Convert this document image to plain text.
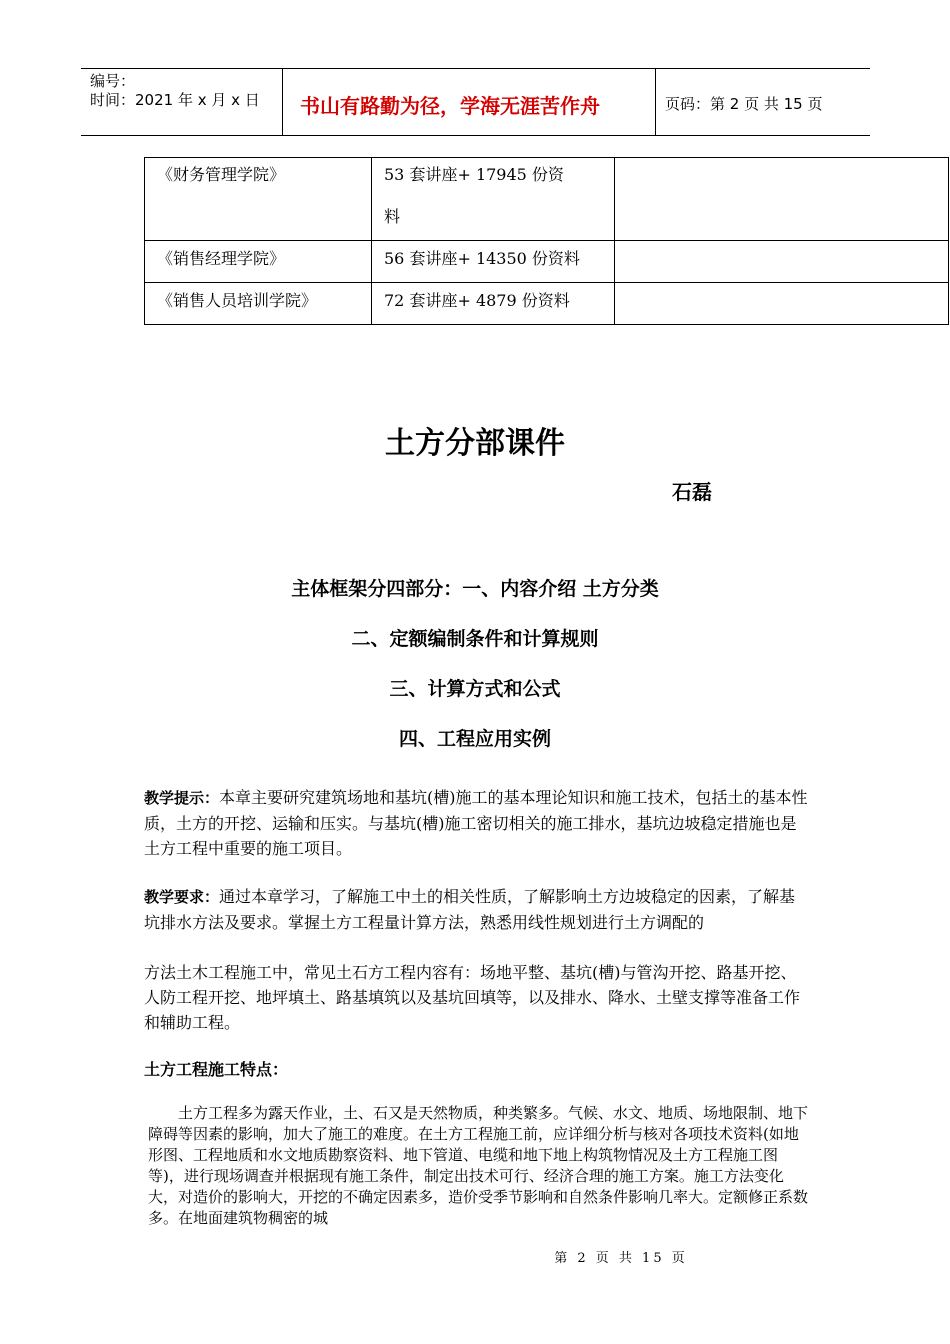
编号：
时间：2021 年 x 月 x 日 书山有路勤为径，学海无涯苦作舟	页码：第 2 页 共 15 页
《财务管理学院》	53 套讲座+ 17945 份资
料	

《销售经理学院》	56 套讲座+ 14350 份资料	
《销售人员培训学院》	72 套讲座+ 4879 份资料	
土方分部课件
石磊
主体框架分四部分：一、内容介绍 土方分类
二、定额编制条件和计算规则
三、计算方式和公式
四、工程应用实例
教学提示：本章主要研究建筑场地和基坑(槽)施工的基本理论知识和施工技术，包括土的基本性质，土方的开挖、运输和压实。与基坑(槽)施工密切相关的施工排水，基坑边坡稳定措施也是土方工程中重要的施工项目。
教学要求：通过本章学习，了解施工中土的相关性质，了解影响土方边坡稳定的因素，了解基坑排水方法及要求。掌握土方工程量计算方法，熟悉用线性规划进行土方调配的
方法土木工程施工中，常见土石方工程内容有：场地平整、基坑(槽)与管沟开挖、路基开挖、人防工程开挖、地坪填土、路基填筑以及基坑回填等，以及排水、降水、土壁支撑等准备工作和辅助工程。
土方工程施工特点：
土方工程多为露天作业，土、石又是天然物质，种类繁多。气候、水文、地质、场地限制、地下障碍等因素的影响，加大了施工的难度。在土方工程施工前，应详细分析与核对各项技术资料(如地形图、工程地质和水文地质勘察资料、地下管道、电缆和地下地上构筑物情况及土方工程施工图等)，进行现场调查并根据现有施工条件，制定出技术可行、经济合理的施工方案。施工方法变化大，对造价的影响大，开挖的不确定因素多，造价受季节影响和自然条件影响几率大。定额修正系数多。在地面建筑物稠密的城
第 2 页 共 15 页
